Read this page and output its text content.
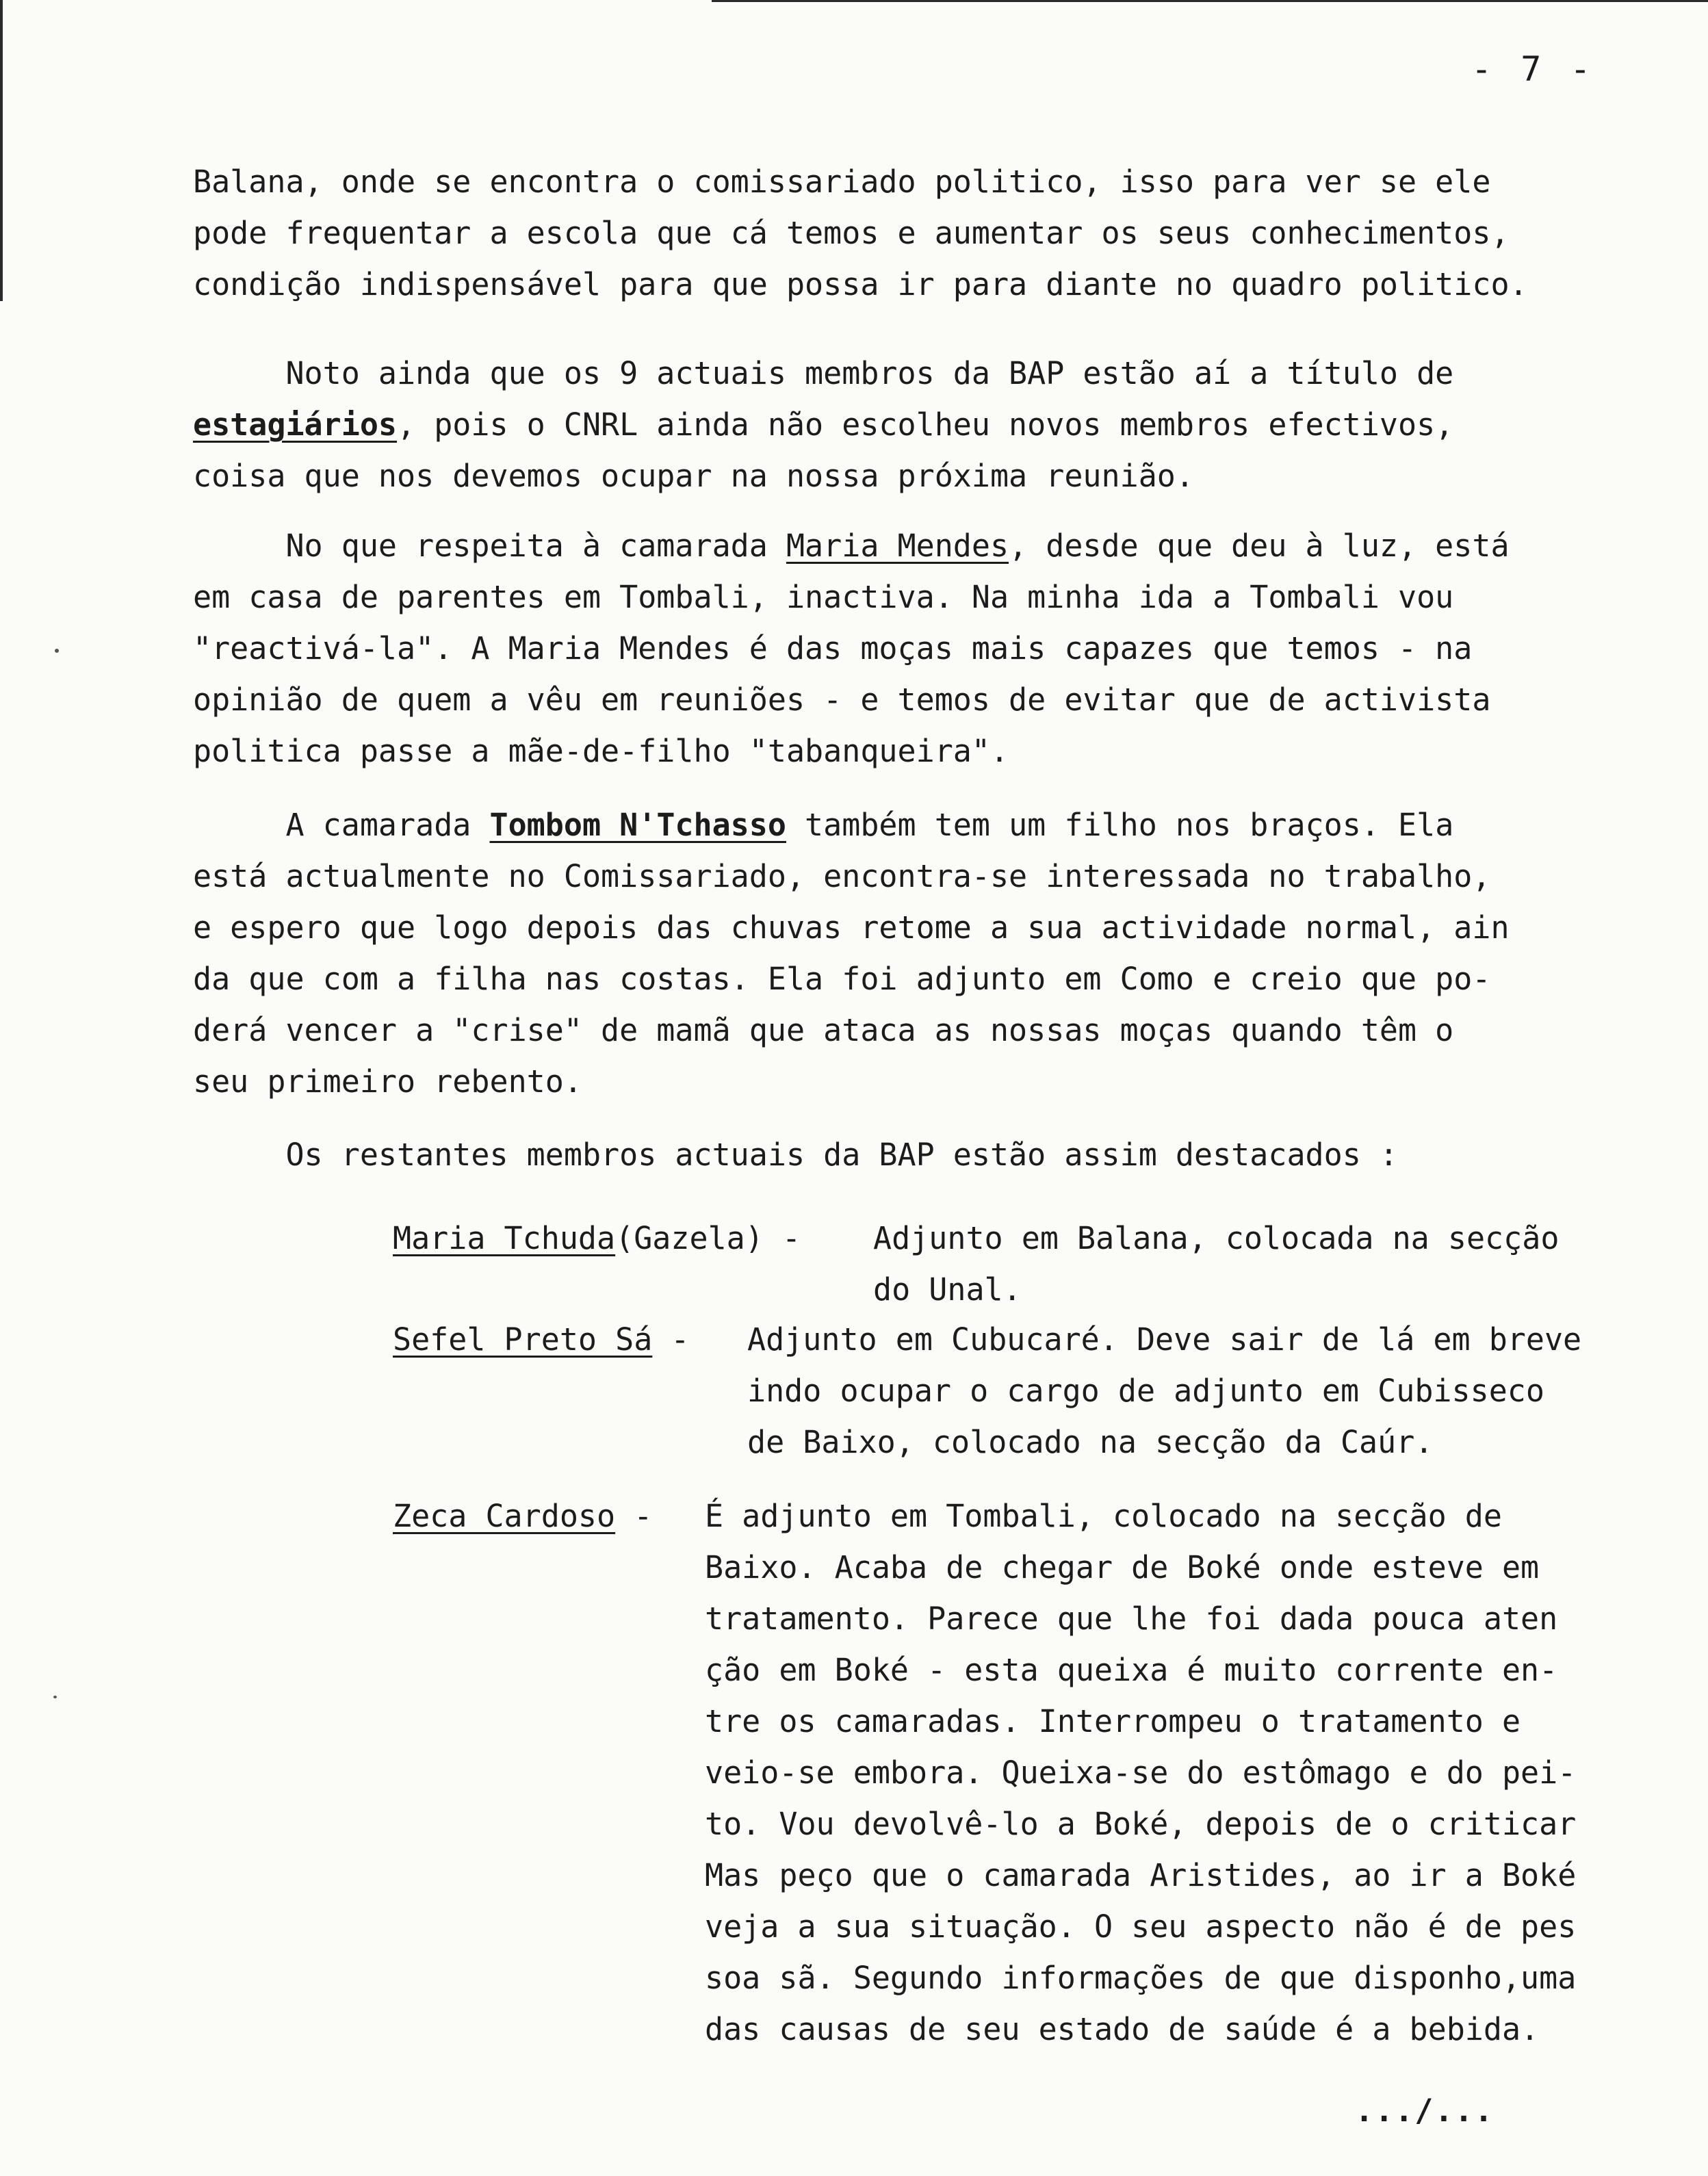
- 7 -
Balana, onde se encontra o comissariado politico, isso para ver se ele
pode frequentar a escola que cá temos e aumentar os seus conhecimentos,
condição indispensável para que possa ir para diante no quadro politico.
Noto ainda que os 9 actuais membros da BAP estão aí a título de
estagiários, pois o CNRL ainda não escolheu novos membros efectivos,
coisa que nos devemos ocupar na nossa próxima reunião.
No que respeita à camarada Maria Mendes, desde que deu à luz, está
em casa de parentes em Tombali, inactiva. Na minha ida a Tombali vou
"reactivá-la". A Maria Mendes é das moças mais capazes que temos - na
opinião de quem a vêu em reuniões - e temos de evitar que de activista
politica passe a mãe-de-filho "tabanqueira".
A camarada Tombom N'Tchasso também tem um filho nos braços. Ela
está actualmente no Comissariado, encontra-se interessada no trabalho,
e espero que logo depois das chuvas retome a sua actividade normal, ain
da que com a filha nas costas. Ela foi adjunto em Como e creio que po-
derá vencer a "crise" de mamã que ataca as nossas moças quando têm o
seu primeiro rebento.
Os restantes membros actuais da BAP estão assim destacados :
Maria Tchuda(Gazela) - Adjunto em Balana, colocada na secção
do Unal.
Sefel Preto Sá - Adjunto em Cubucaré. Deve sair de lá em breve
indo ocupar o cargo de adjunto em Cubisseco
de Baixo, colocado na secção da Caúr.
Zeca Cardoso - É adjunto em Tombali, colocado na secção de
Baixo. Acaba de chegar de Boké onde esteve em
tratamento. Parece que lhe foi dada pouca aten
ção em Boké - esta queixa é muito corrente en-
tre os camaradas. Interrompeu o tratamento e
veio-se embora. Queixa-se do estômago e do pei-
to. Vou devolvê-lo a Boké, depois de o criticar
Mas peço que o camarada Aristides, ao ir a Boké
veja a sua situação. O seu aspecto não é de pes
soa sã. Segundo informações de que disponho,uma
das causas de seu estado de saúde é a bebida.
.../...
